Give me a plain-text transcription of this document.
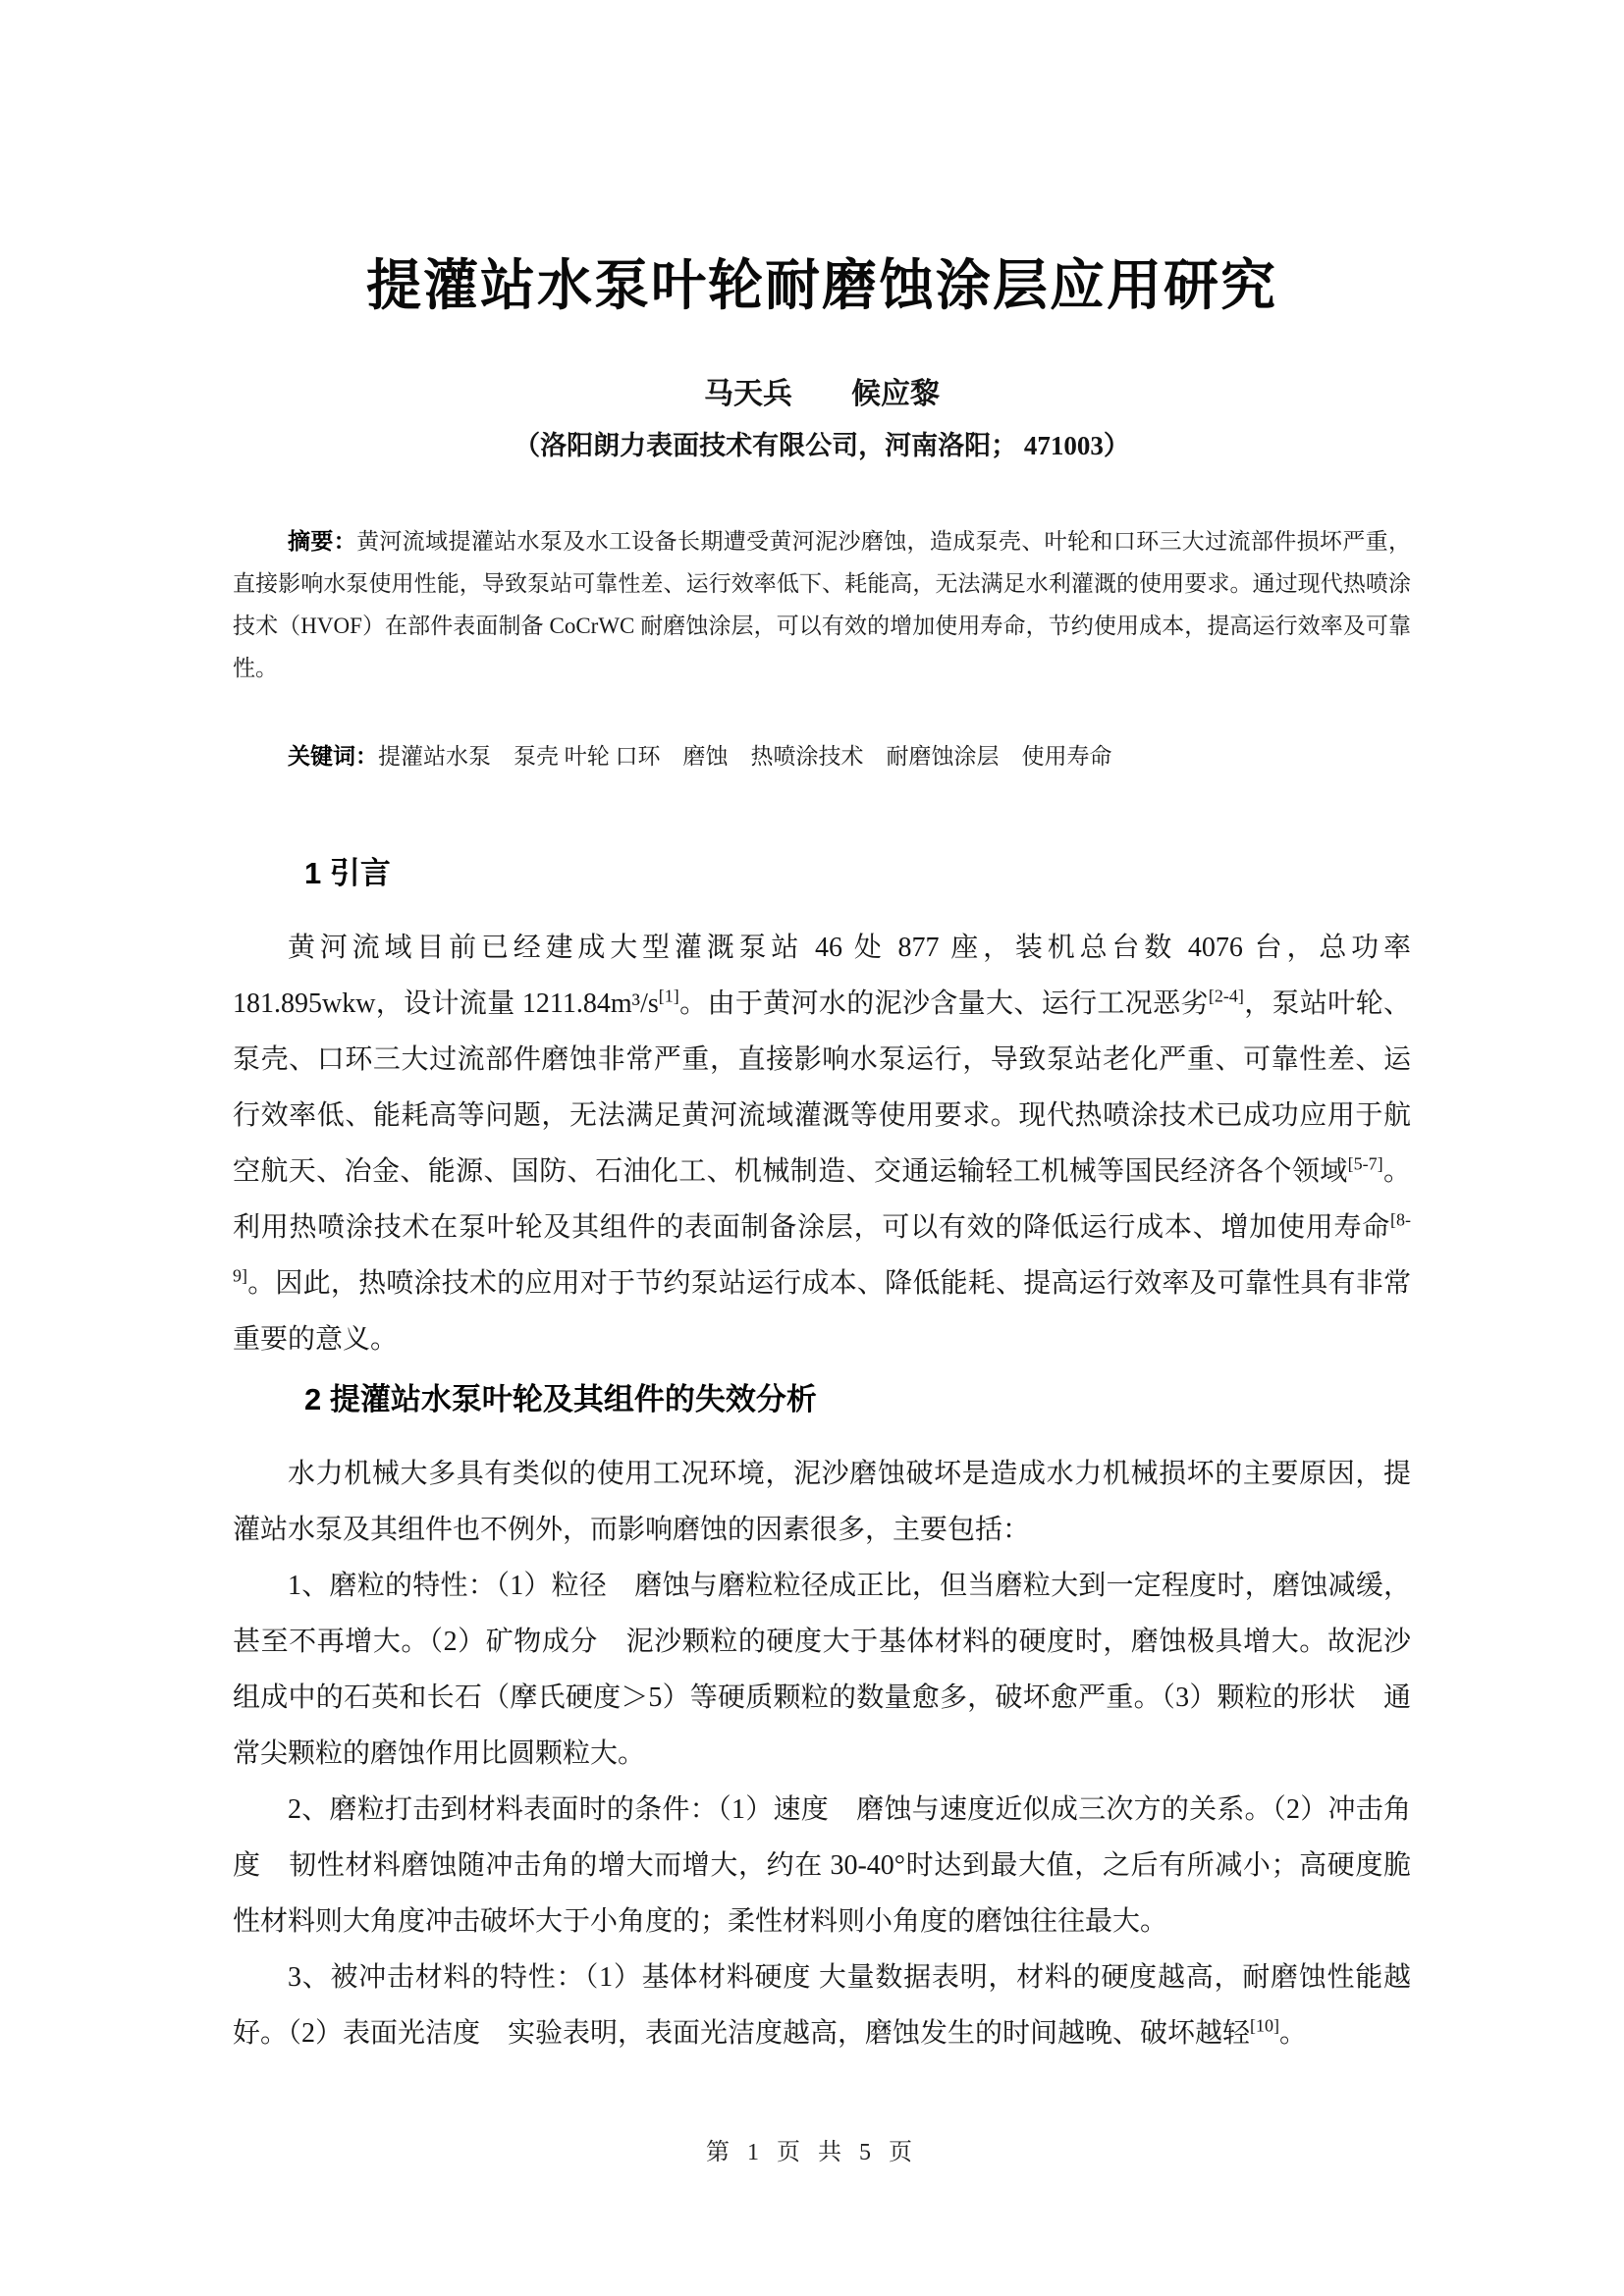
提灌站水泵叶轮耐磨蚀涂层应用研究
马天兵　　候应黎
（洛阳朗力表面技术有限公司，河南洛阳； 471003）
摘要：黄河流域提灌站水泵及水工设备长期遭受黄河泥沙磨蚀，造成泵壳、叶轮和口环三大过流部件损坏严重，直接影响水泵使用性能，导致泵站可靠性差、运行效率低下、耗能高，无法满足水利灌溉的使用要求。通过现代热喷涂技术（HVOF）在部件表面制备 CoCrWC 耐磨蚀涂层，可以有效的增加使用寿命，节约使用成本，提高运行效率及可靠性。
关键词：提灌站水泵　泵壳 叶轮 口环　磨蚀　热喷涂技术　耐磨蚀涂层　使用寿命
1 引言

黄河流域目前已经建成大型灌溉泵站 46 处 877 座，装机总台数 4076 台，总功率 181.895wkw，设计流量 1211.84m³/s[1]。由于黄河水的泥沙含量大、运行工况恶劣[2-4]，泵站叶轮、泵壳、口环三大过流部件磨蚀非常严重，直接影响水泵运行，导致泵站老化严重、可靠性差、运行效率低、能耗高等问题，无法满足黄河流域灌溉等使用要求。现代热喷涂技术已成功应用于航空航天、冶金、能源、国防、石油化工、机械制造、交通运输轻工机械等国民经济各个领域[5-7]。利用热喷涂技术在泵叶轮及其组件的表面制备涂层，可以有效的降低运行成本、增加使用寿命[8-9]。因此，热喷涂技术的应用对于节约泵站运行成本、降低能耗、提高运行效率及可靠性具有非常重要的意义。

2 提灌站水泵叶轮及其组件的失效分析

水力机械大多具有类似的使用工况环境，泥沙磨蚀破坏是造成水力机械损坏的主要原因，提灌站水泵及其组件也不例外，而影响磨蚀的因素很多，主要包括：

1、磨粒的特性：（1）粒径　磨蚀与磨粒粒径成正比，但当磨粒大到一定程度时，磨蚀减缓，甚至不再增大。（2）矿物成分　泥沙颗粒的硬度大于基体材料的硬度时，磨蚀极具增大。故泥沙组成中的石英和长石（摩氏硬度＞5）等硬质颗粒的数量愈多，破坏愈严重。（3）颗粒的形状　通常尖颗粒的磨蚀作用比圆颗粒大。

2、磨粒打击到材料表面时的条件：（1）速度　磨蚀与速度近似成三次方的关系。（2）冲击角度　韧性材料磨蚀随冲击角的增大而增大，约在 30-40°时达到最大值，之后有所减小；高硬度脆性材料则大角度冲击破坏大于小角度的；柔性材料则小角度的磨蚀往往最大。

3、被冲击材料的特性：（1）基体材料硬度 大量数据表明，材料的硬度越高，耐磨蚀性能越好。（2）表面光洁度　实验表明，表面光洁度越高，磨蚀发生的时间越晚、破坏越轻[10]。

第 1 页 共 5 页
